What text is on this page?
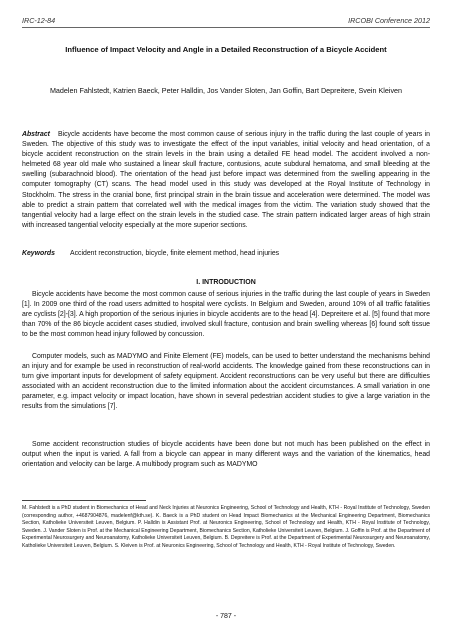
IRC-12-84	IRCOBI Conference 2012
Influence of Impact Velocity and Angle in a Detailed Reconstruction of a Bicycle Accident
Madelen Fahlstedt, Katrien Baeck, Peter Halldin, Jos Vander Sloten, Jan Goffin, Bart Depreitere, Svein Kleiven
Abstract Bicycle accidents have become the most common cause of serious injury in the traffic during the last couple of years in Sweden. The objective of this study was to investigate the effect of the input variables, initial velocity and head orientation, of a bicycle accident reconstruction on the strain levels in the brain using a detailed FE head model. The accident involved a non-helmeted 68 year old male who sustained a linear skull fracture, contusions, acute subdural hematoma, and small bleeding at the swelling (subarachnoid blood). The orientation of the head just before impact was determined from the swelling appearing in the computer tomography (CT) scans. The head model used in this study was developed at the Royal Institute of Technology in Stockholm. The stress in the cranial bone, first principal strain in the brain tissue and acceleration were determined. The model was able to predict a strain pattern that correlated well with the medical images from the victim. The variation study showed that the tangential velocity had a large effect on the strain levels in the studied case. The strain pattern indicated larger areas of high strain with increased tangential velocity especially at the more superior sections.
Keywords Accident reconstruction, bicycle, finite element method, head injuries
I. INTRODUCTION

Bicycle accidents have become the most common cause of serious injuries in the traffic during the last couple of years in Sweden [1]. In 2009 one third of the road users admitted to hospital were cyclists. In Belgium and Sweden, around 10% of all traffic fatalities are cyclists [2]-[3]. A high proportion of the serious injuries in bicycle accidents are to the head [4]. Depreitere et al. [5] found that more than 70% of the 86 bicycle accident cases studied, involved skull fracture, contusion and brain swelling whereas [6] found soft tissue to be the most common head injury followed by concussion.

Computer models, such as MADYMO and Finite Element (FE) models, can be used to better understand the mechanisms behind an injury and for example be used in reconstruction of real-world accidents. The knowledge gained from these reconstructions can in turn give important inputs for development of safety equipment. Accident reconstructions can be very useful but there are difficulties associated with an accident reconstruction due to the limited information about the accident circumstances. A small variation in one parameter, e.g. impact velocity or impact location, have shown in several pedestrian accident studies to give a large variation in the results from the simulations [7].

Some accident reconstruction studies of bicycle accidents have been done but not much has been published on the effect in output when the input is varied. A fall from a bicycle can appear in many different ways and the variation of the kinematics, head orientation and velocity can be large. A multibody program such as MADYMO

M. Fahlstedt is a PhD student in Biomechanics of Head and Neck Injuries at Neuronics Engineering, School of Technology and Health, KTH - Royal Institute of Technology, Sweden (corresponding author, +4687904876, madelenf@kth.se). K. Baeck is a PhD student on Head Impact Biomechanics at the Mechanical Engineering Department, Biomechanics Section, Katholieke Universiteit Leuven, Belgium. P. Halldin is Assistant Prof. at Neuronics Engineering, School of Technology and Health, KTH - Royal Institute of Technology, Sweden. J. Vander Sloten is Prof. at the Mechanical Engineering Department, Biomechanics Section, Katholieke Universiteit Leuven, Belgium. J. Goffin is Prof. at the Department of Experimental Neurosurgery and Neuroanatomy, Katholieke Universiteit Leuven, Belgium. B. Depreitere is Prof. at the Department of Experimental Neurosurgery and Neuroanatomy, Katholieke Universiteit Leuven, Belgium. S. Kleiven is Prof. at Neuronics Engineering, School of Technology and Health, KTH - Royal Institute of Technology, Sweden.
- 787 -
